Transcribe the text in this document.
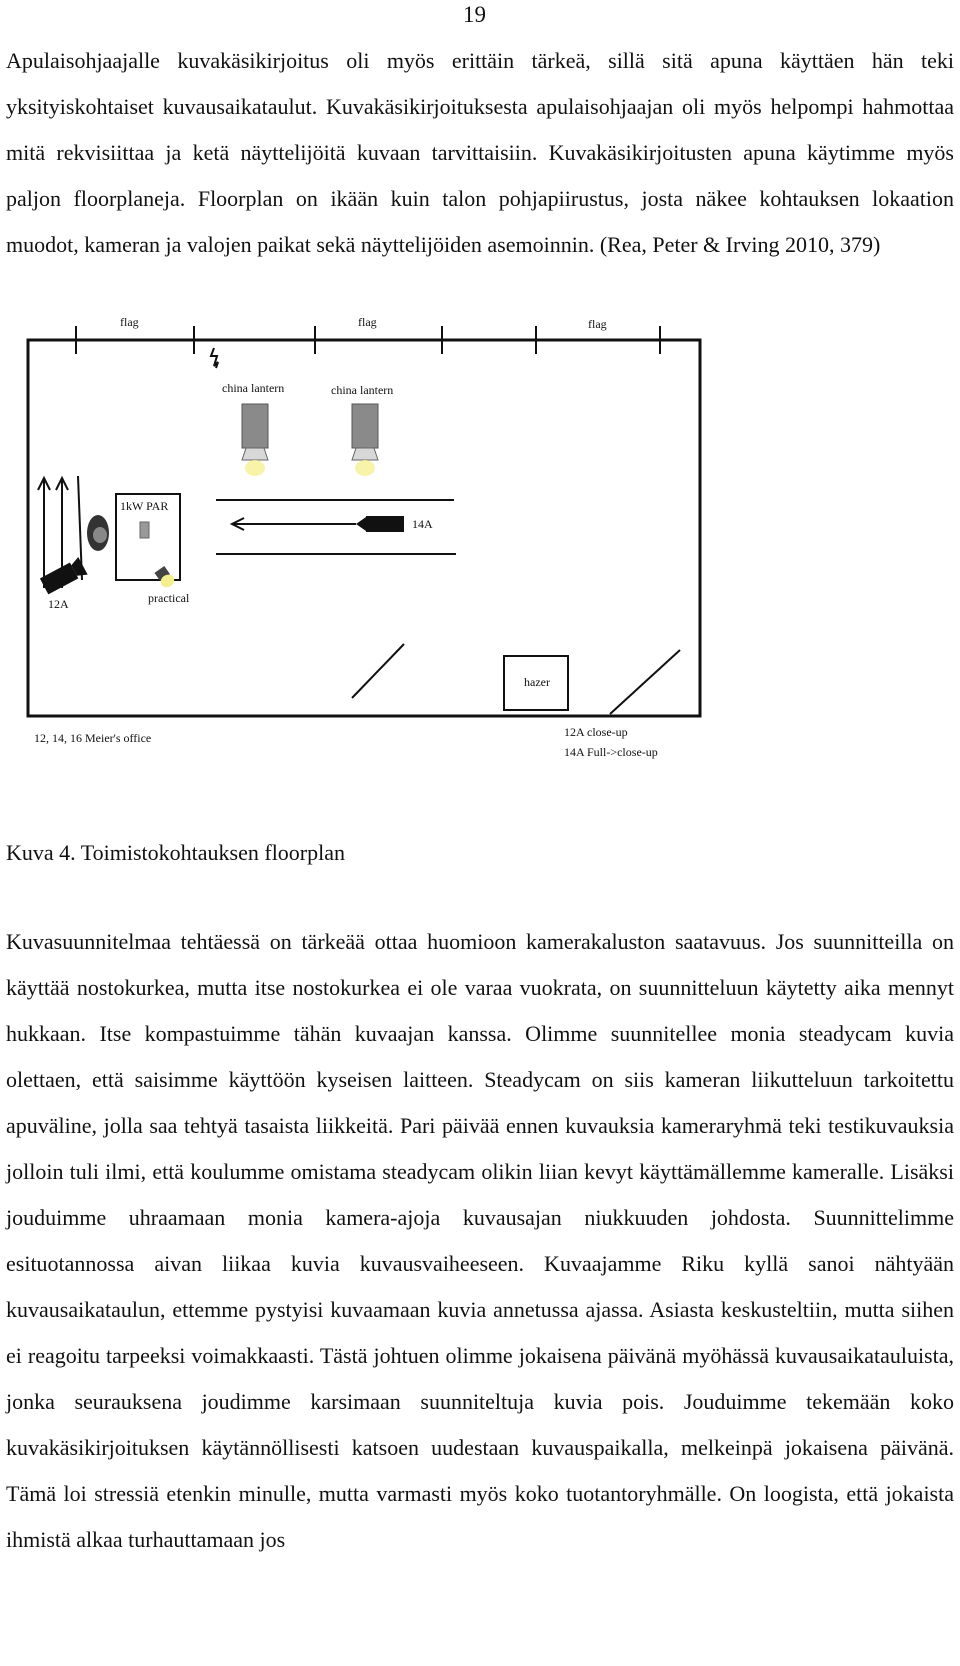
19

Apulaisohjaajalle kuvakäsikirjoitus oli myös erittäin tärkeä, sillä sitä apuna käyttäen hän teki yksityiskohtaiset kuvausaikataulut. Kuvakäsikirjoituksesta apulaisohjaajan oli myös helpompi hahmottaa mitä rekvisiittaa ja ketä näyttelijöitä kuvaan tarvittaisiin. Kuvakäsikirjoitusten apuna käytimme myös paljon floorplaneja. Floorplan on ikään kuin talon pohjapiirustus, josta näkee kohtauksen lokaation muodot, kameran ja valojen paikat sekä näyttelijöiden asemoinnin. (Rea, Peter & Irving 2010, 379)

flag	flag	flag
china lantern	china lantern
12A
1kW PAR
practical
14A
hazer
12, 14, 16 Meier's office	12A close-up
14A Full->close-up
Kuva 4. Toimistokohtauksen floorplan

Kuvasuunnitelmaa tehtäessä on tärkeää ottaa huomioon kamerakaluston saatavuus. Jos suunnitteilla on käyttää nostokurkea, mutta itse nostokurkea ei ole varaa vuokrata, on suunnitteluun käytetty aika mennyt hukkaan. Itse kompastuimme tähän kuvaajan kanssa. Olimme suunnitellee monia steadycam kuvia olettaen, että saisimme käyttöön kyseisen laitteen. Steadycam on siis kameran liikutteluun tarkoitettu apuväline, jolla saa tehtyä tasaista liikkeitä. Pari päivää ennen kuvauksia kameraryhmä teki testikuvauksia jolloin tuli ilmi, että koulumme omistama steadycam olikin liian kevyt käyttämällemme kameralle. Lisäksi jouduimme uhraamaan monia kamera-ajoja kuvausajan niukkuuden johdosta. Suunnittelimme esituotannossa aivan liikaa kuvia kuvausvaiheeseen. Kuvaajamme Riku kyllä sanoi nähtyään kuvausaikataulun, ettemme pystyisi kuvaamaan kuvia annetussa ajassa. Asiasta keskusteltiin, mutta siihen ei reagoitu tarpeeksi voimakkaasti. Tästä johtuen olimme jokaisena päivänä myöhässä kuvausaikatauluista, jonka seurauksena joudimme karsimaan suunniteltuja kuvia pois. Jouduimme tekemään koko kuvakäsikirjoituksen käytännöllisesti katsoen uudestaan kuvauspaikalla, melkeinpä jokaisena päivänä. Tämä loi stressiä etenkin minulle, mutta varmasti myös koko tuotantoryhmälle. On loogista, että jokaista ihmistä alkaa turhauttamaan jos
